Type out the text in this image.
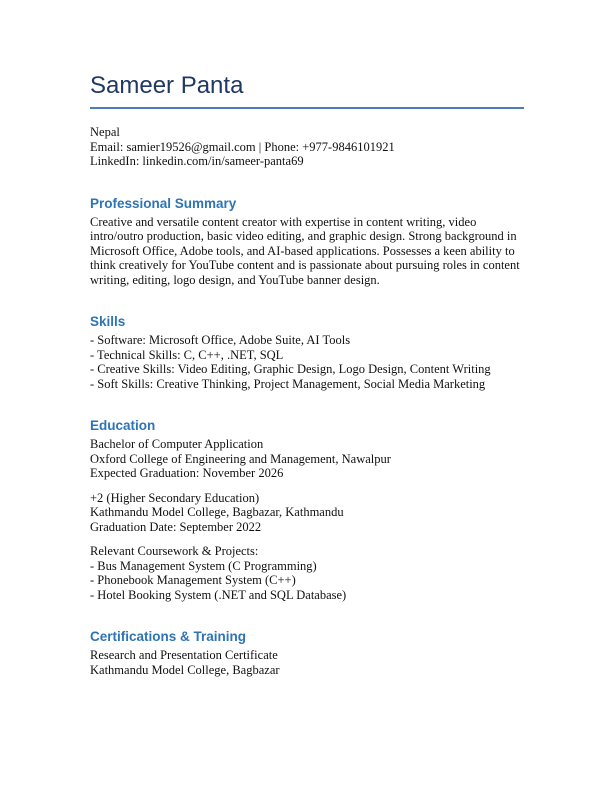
Sameer Panta

Nepal

Email: samier19526@gmail.com | Phone: +977-9846101921

LinkedIn: linkedin.com/in/sameer-panta69

Professional Summary

Creative and versatile content creator with expertise in content writing, video intro/outro production, basic video editing, and graphic design. Strong background in Microsoft Office, Adobe tools, and AI-based applications. Possesses a keen ability to think creatively for YouTube content and is passionate about pursuing roles in content writing, editing, logo design, and YouTube banner design.

Skills

- Software: Microsoft Office, Adobe Suite, AI Tools

- Technical Skills: C, C++, .NET, SQL

- Creative Skills: Video Editing, Graphic Design, Logo Design, Content Writing

- Soft Skills: Creative Thinking, Project Management, Social Media Marketing

Education

Bachelor of Computer Application

Oxford College of Engineering and Management, Nawalpur

Expected Graduation: November 2026

+2 (Higher Secondary Education)

Kathmandu Model College, Bagbazar, Kathmandu

Graduation Date: September 2022

Relevant Coursework & Projects:

- Bus Management System (C Programming)

- Phonebook Management System (C++)

- Hotel Booking System (.NET and SQL Database)

Certifications & Training

Research and Presentation Certificate

Kathmandu Model College, Bagbazar
